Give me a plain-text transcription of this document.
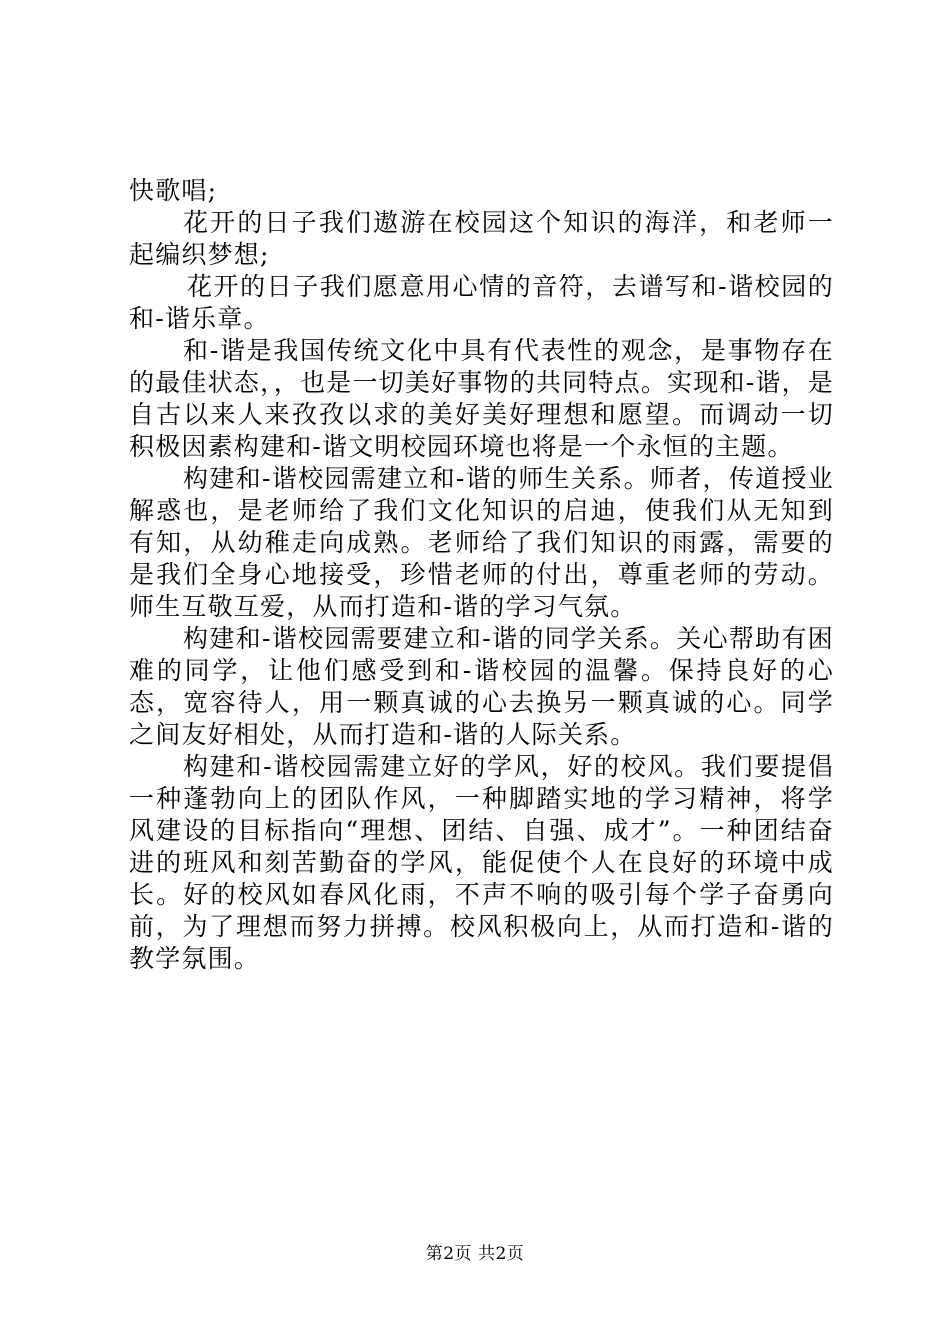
快歌唱;

花开的日子我们遨游在校园这个知识的海洋，和老师一起编织梦想;

花开的日子我们愿意用心情的音符，去谱写和-谐校园的和-谐乐章。

和-谐是我国传统文化中具有代表性的观念，是事物存在的最佳状态，，也是一切美好事物的共同特点。实现和-谐，是自古以来人来孜孜以求的美好美好理想和愿望。而调动一切积极因素构建和-谐文明校园环境也将是一个永恒的主题。

构建和-谐校园需建立和-谐的师生关系。师者，传道授业解惑也，是老师给了我们文化知识的启迪，使我们从无知到有知，从幼稚走向成熟。老师给了我们知识的雨露，需要的是我们全身心地接受，珍惜老师的付出，尊重老师的劳动。师生互敬互爱，从而打造和-谐的学习气氛。

构建和-谐校园需要建立和-谐的同学关系。关心帮助有困难的同学，让他们感受到和-谐校园的温馨。保持良好的心态，宽容待人，用一颗真诚的心去换另一颗真诚的心。同学之间友好相处，从而打造和-谐的人际关系。

构建和-谐校园需建立好的学风，好的校风。我们要提倡一种蓬勃向上的团队作风，一种脚踏实地的学习精神，将学风建设的目标指向“理想、团结、自强、成才”。一种团结奋进的班风和刻苦勤奋的学风，能促使个人在良好的环境中成长。好的校风如春风化雨，不声不响的吸引每个学子奋勇向前，为了理想而努力拼搏。校风积极向上，从而打造和-谐的教学氛围。

第2页 共2页
